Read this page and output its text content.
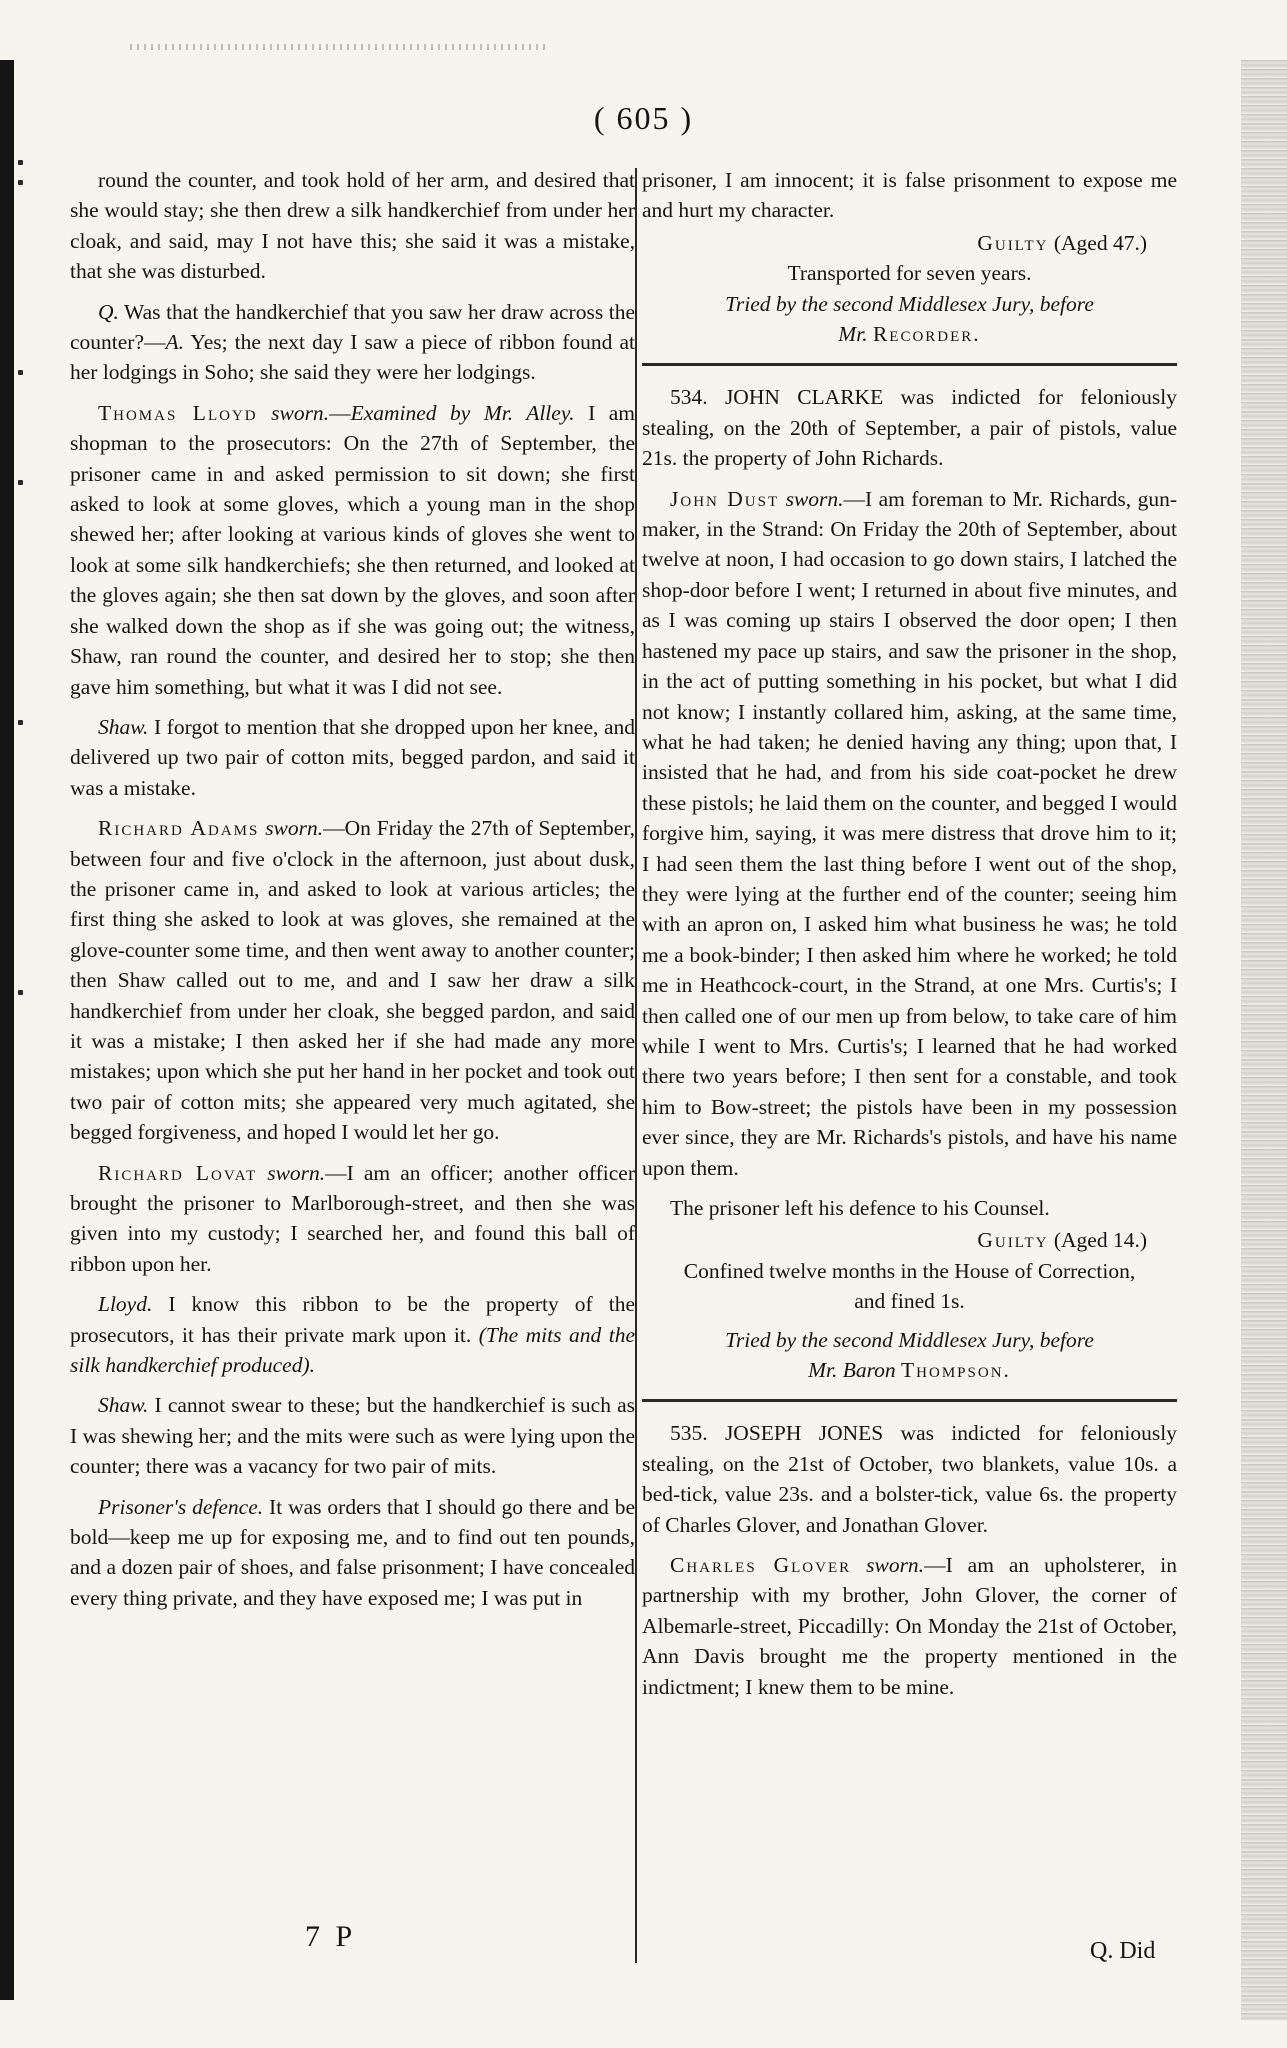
( 605 )

round the counter, and took hold of her arm, and desired that she would stay; she then drew a silk handkerchief from under her cloak, and said, may I not have this; she said it was a mistake, that she was disturbed.

Q. Was that the handkerchief that you saw her draw across the counter?—A. Yes; the next day I saw a piece of ribbon found at her lodgings in Soho; she said they were her lodgings.

Thomas Lloyd sworn.—Examined by Mr. Alley. I am shopman to the prosecutors: On the 27th of September, the prisoner came in and asked permission to sit down; she first asked to look at some gloves, which a young man in the shop shewed her; after looking at various kinds of gloves she went to look at some silk handkerchiefs; she then returned, and looked at the gloves again; she then sat down by the gloves, and soon after she walked down the shop as if she was going out; the witness, Shaw, ran round the counter, and desired her to stop; she then gave him something, but what it was I did not see.

Shaw. I forgot to mention that she dropped upon her knee, and delivered up two pair of cotton mits, begged pardon, and said it was a mistake.

Richard Adams sworn.—On Friday the 27th of September, between four and five o'clock in the afternoon, just about dusk, the prisoner came in, and asked to look at various articles; the first thing she asked to look at was gloves, she remained at the glove-counter some time, and then went away to another counter; then Shaw called out to me, and and I saw her draw a silk handkerchief from under her cloak, she begged pardon, and said it was a mistake; I then asked her if she had made any more mistakes; upon which she put her hand in her pocket and took out two pair of cotton mits; she appeared very much agitated, she begged forgiveness, and hoped I would let her go.

Richard Lovat sworn.—I am an officer; another officer brought the prisoner to Marlborough-street, and then she was given into my custody; I searched her, and found this ball of ribbon upon her.

Lloyd. I know this ribbon to be the property of the prosecutors, it has their private mark upon it. (The mits and the silk handkerchief produced).

Shaw. I cannot swear to these; but the handkerchief is such as I was shewing her; and the mits were such as were lying upon the counter; there was a vacancy for two pair of mits.

Prisoner's defence. It was orders that I should go there and be bold—keep me up for exposing me, and to find out ten pounds, and a dozen pair of shoes, and false prisonment; I have concealed every thing private, and they have exposed me; I was put in

prisoner, I am innocent; it is false prisonment to expose me and hurt my character.

Guilty (Aged 47.)

Transported for seven years.

Tried by the second Middlesex Jury, before

Mr. Recorder.

534. JOHN CLARKE was indicted for feloniously stealing, on the 20th of September, a pair of pistols, value 21s. the property of John Richards.

John Dust sworn.—I am foreman to Mr. Richards, gun-maker, in the Strand: On Friday the 20th of September, about twelve at noon, I had occasion to go down stairs, I latched the shop-door before I went; I returned in about five minutes, and as I was coming up stairs I observed the door open; I then hastened my pace up stairs, and saw the prisoner in the shop, in the act of putting something in his pocket, but what I did not know; I instantly collared him, asking, at the same time, what he had taken; he denied having any thing; upon that, I insisted that he had, and from his side coat-pocket he drew these pistols; he laid them on the counter, and begged I would forgive him, saying, it was mere distress that drove him to it; I had seen them the last thing before I went out of the shop, they were lying at the further end of the counter; seeing him with an apron on, I asked him what business he was; he told me a book-binder; I then asked him where he worked; he told me in Heathcock-court, in the Strand, at one Mrs. Curtis's; I then called one of our men up from below, to take care of him while I went to Mrs. Curtis's; I learned that he had worked there two years before; I then sent for a constable, and took him to Bow-street; the pistols have been in my possession ever since, they are Mr. Richards's pistols, and have his name upon them.

The prisoner left his defence to his Counsel.

Guilty (Aged 14.)

Confined twelve months in the House of Correction,

and fined 1s.

Tried by the second Middlesex Jury, before

Mr. Baron Thompson.

535. JOSEPH JONES was indicted for feloniously stealing, on the 21st of October, two blankets, value 10s. a bed-tick, value 23s. and a bolster-tick, value 6s. the property of Charles Glover, and Jonathan Glover.

Charles Glover sworn.—I am an upholsterer, in partnership with my brother, John Glover, the corner of Albemarle-street, Piccadilly: On Monday the 21st of October, Ann Davis brought me the property mentioned in the indictment; I knew them to be mine.

7 P	Q. Did
